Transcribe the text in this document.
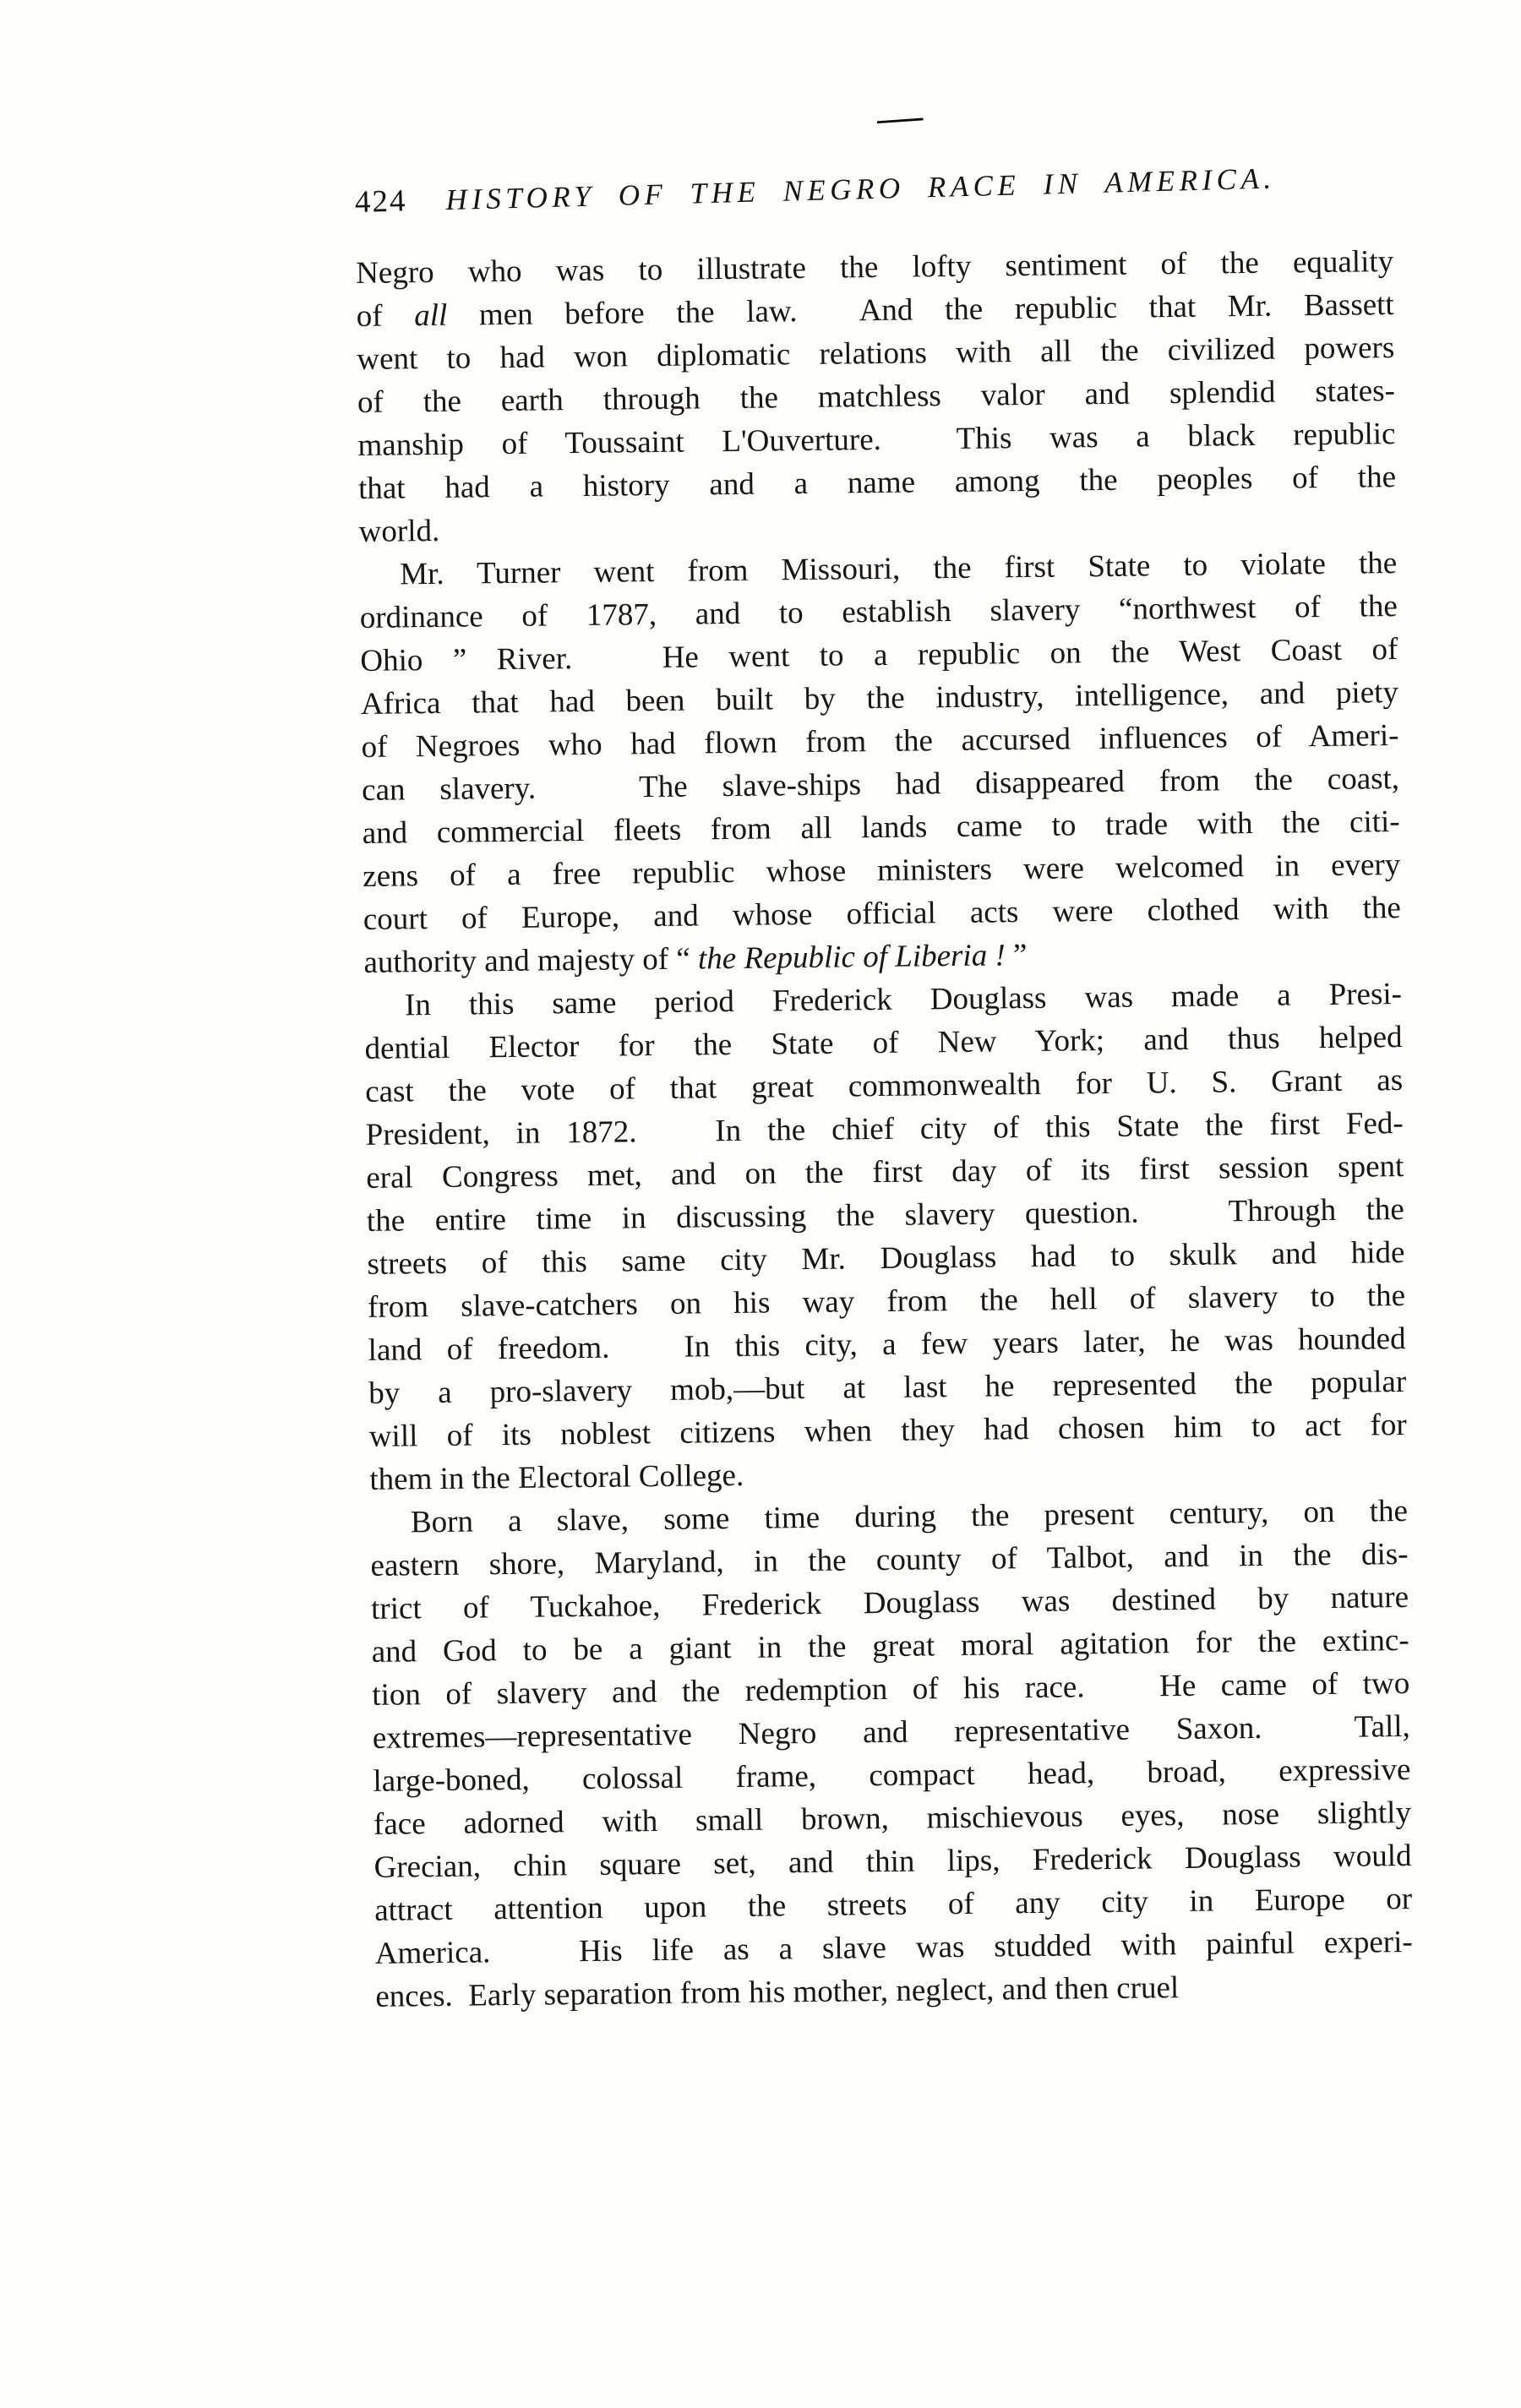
—
424 HISTORY OF THE NEGRO RACE IN AMERICA.
Negro who was to illustrate the lofty sentiment of the equality
of all men before the law.  And the republic that Mr. Bassett
went to had won diplomatic relations with all the civilized powers
of the earth through the matchless valor and splendid states-
manship of Toussaint L'Ouverture.  This was a black republic
that had a history and a name among the peoples of the
world.
Mr. Turner went from Missouri, the first State to violate the
ordinance of 1787, and to establish slavery “northwest of the
Ohio ” River.   He went to a republic on the West Coast of
Africa that had been built by the industry, intelligence, and piety
of Negroes who had flown from the accursed influences of Ameri-
can slavery.   The slave-ships had disappeared from the coast,
and commercial fleets from all lands came to trade with the citi-
zens of a free republic whose ministers were welcomed in every
court of Europe, and whose official acts were clothed with the
authority and majesty of “ the Republic of Liberia ! ”
In this same period Frederick Douglass was made a Presi-
dential Elector for the State of New York; and thus helped
cast the vote of that great commonwealth for U. S. Grant as
President, in 1872.   In the chief city of this State the first Fed-
eral Congress met, and on the first day of its first session spent
the entire time in discussing the slavery question.   Through the
streets of this same city Mr. Douglass had to skulk and hide
from slave-catchers on his way from the hell of slavery to the
land of freedom.   In this city, a few years later, he was hounded
by a pro-slavery mob,—but at last he represented the popular
will of its noblest citizens when they had chosen him to act for
them in the Electoral College.
Born a slave, some time during the present century, on the
eastern shore, Maryland, in the county of Talbot, and in the dis-
trict of Tuckahoe, Frederick Douglass was destined by nature
and God to be a giant in the great moral agitation for the extinc-
tion of slavery and the redemption of his race.   He came of two
extremes—representative Negro and representative Saxon.  Tall,
large-boned, colossal frame, compact head, broad, expressive
face adorned with small brown, mischievous eyes, nose slightly
Grecian, chin square set, and thin lips, Frederick Douglass would
attract attention upon the streets of any city in Europe or
America.   His life as a slave was studded with painful experi-
ences.  Early separation from his mother, neglect, and then cruel
